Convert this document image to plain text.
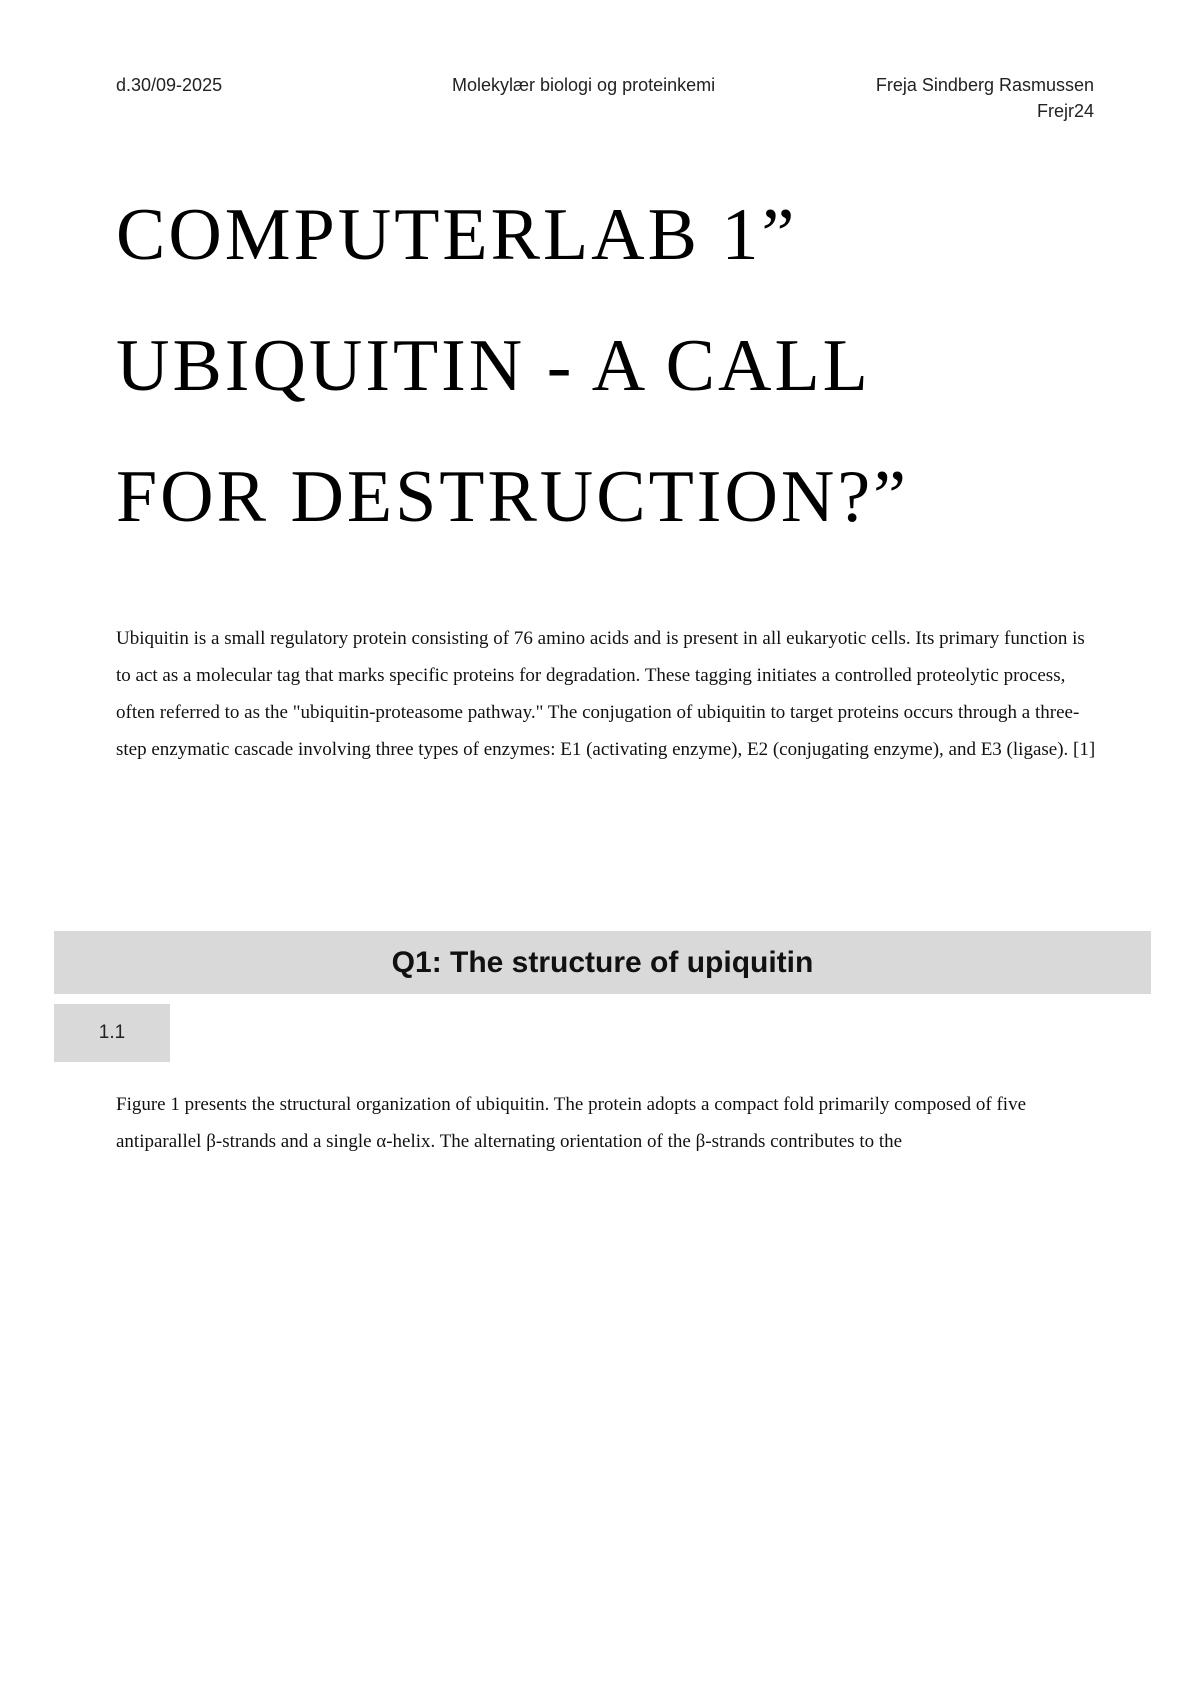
d.30/09-2025	Molekylær biologi og proteinkemi	Freja Sindberg Rasmussen
Frejr24
COMPUTERLAB 1”
UBIQUITIN - A CALL
FOR DESTRUCTION?”

Ubiquitin is a small regulatory protein consisting of 76 amino acids and is present in all eukaryotic cells. Its primary function is to act as a molecular tag that marks specific proteins for degradation. These tagging initiates a controlled proteolytic process, often referred to as the "ubiquitin-proteasome pathway." The conjugation of ubiquitin to target proteins occurs through a three-step enzymatic cascade involving three types of enzymes: E1 (activating enzyme), E2 (conjugating enzyme), and E3 (ligase). [1]

Q1: The structure of upiquitin
1.1

Figure 1 presents the structural organization of ubiquitin. The protein adopts a compact fold primarily composed of five antiparallel β-strands and a single α-helix. The alternating orientation of the β-strands contributes to the
